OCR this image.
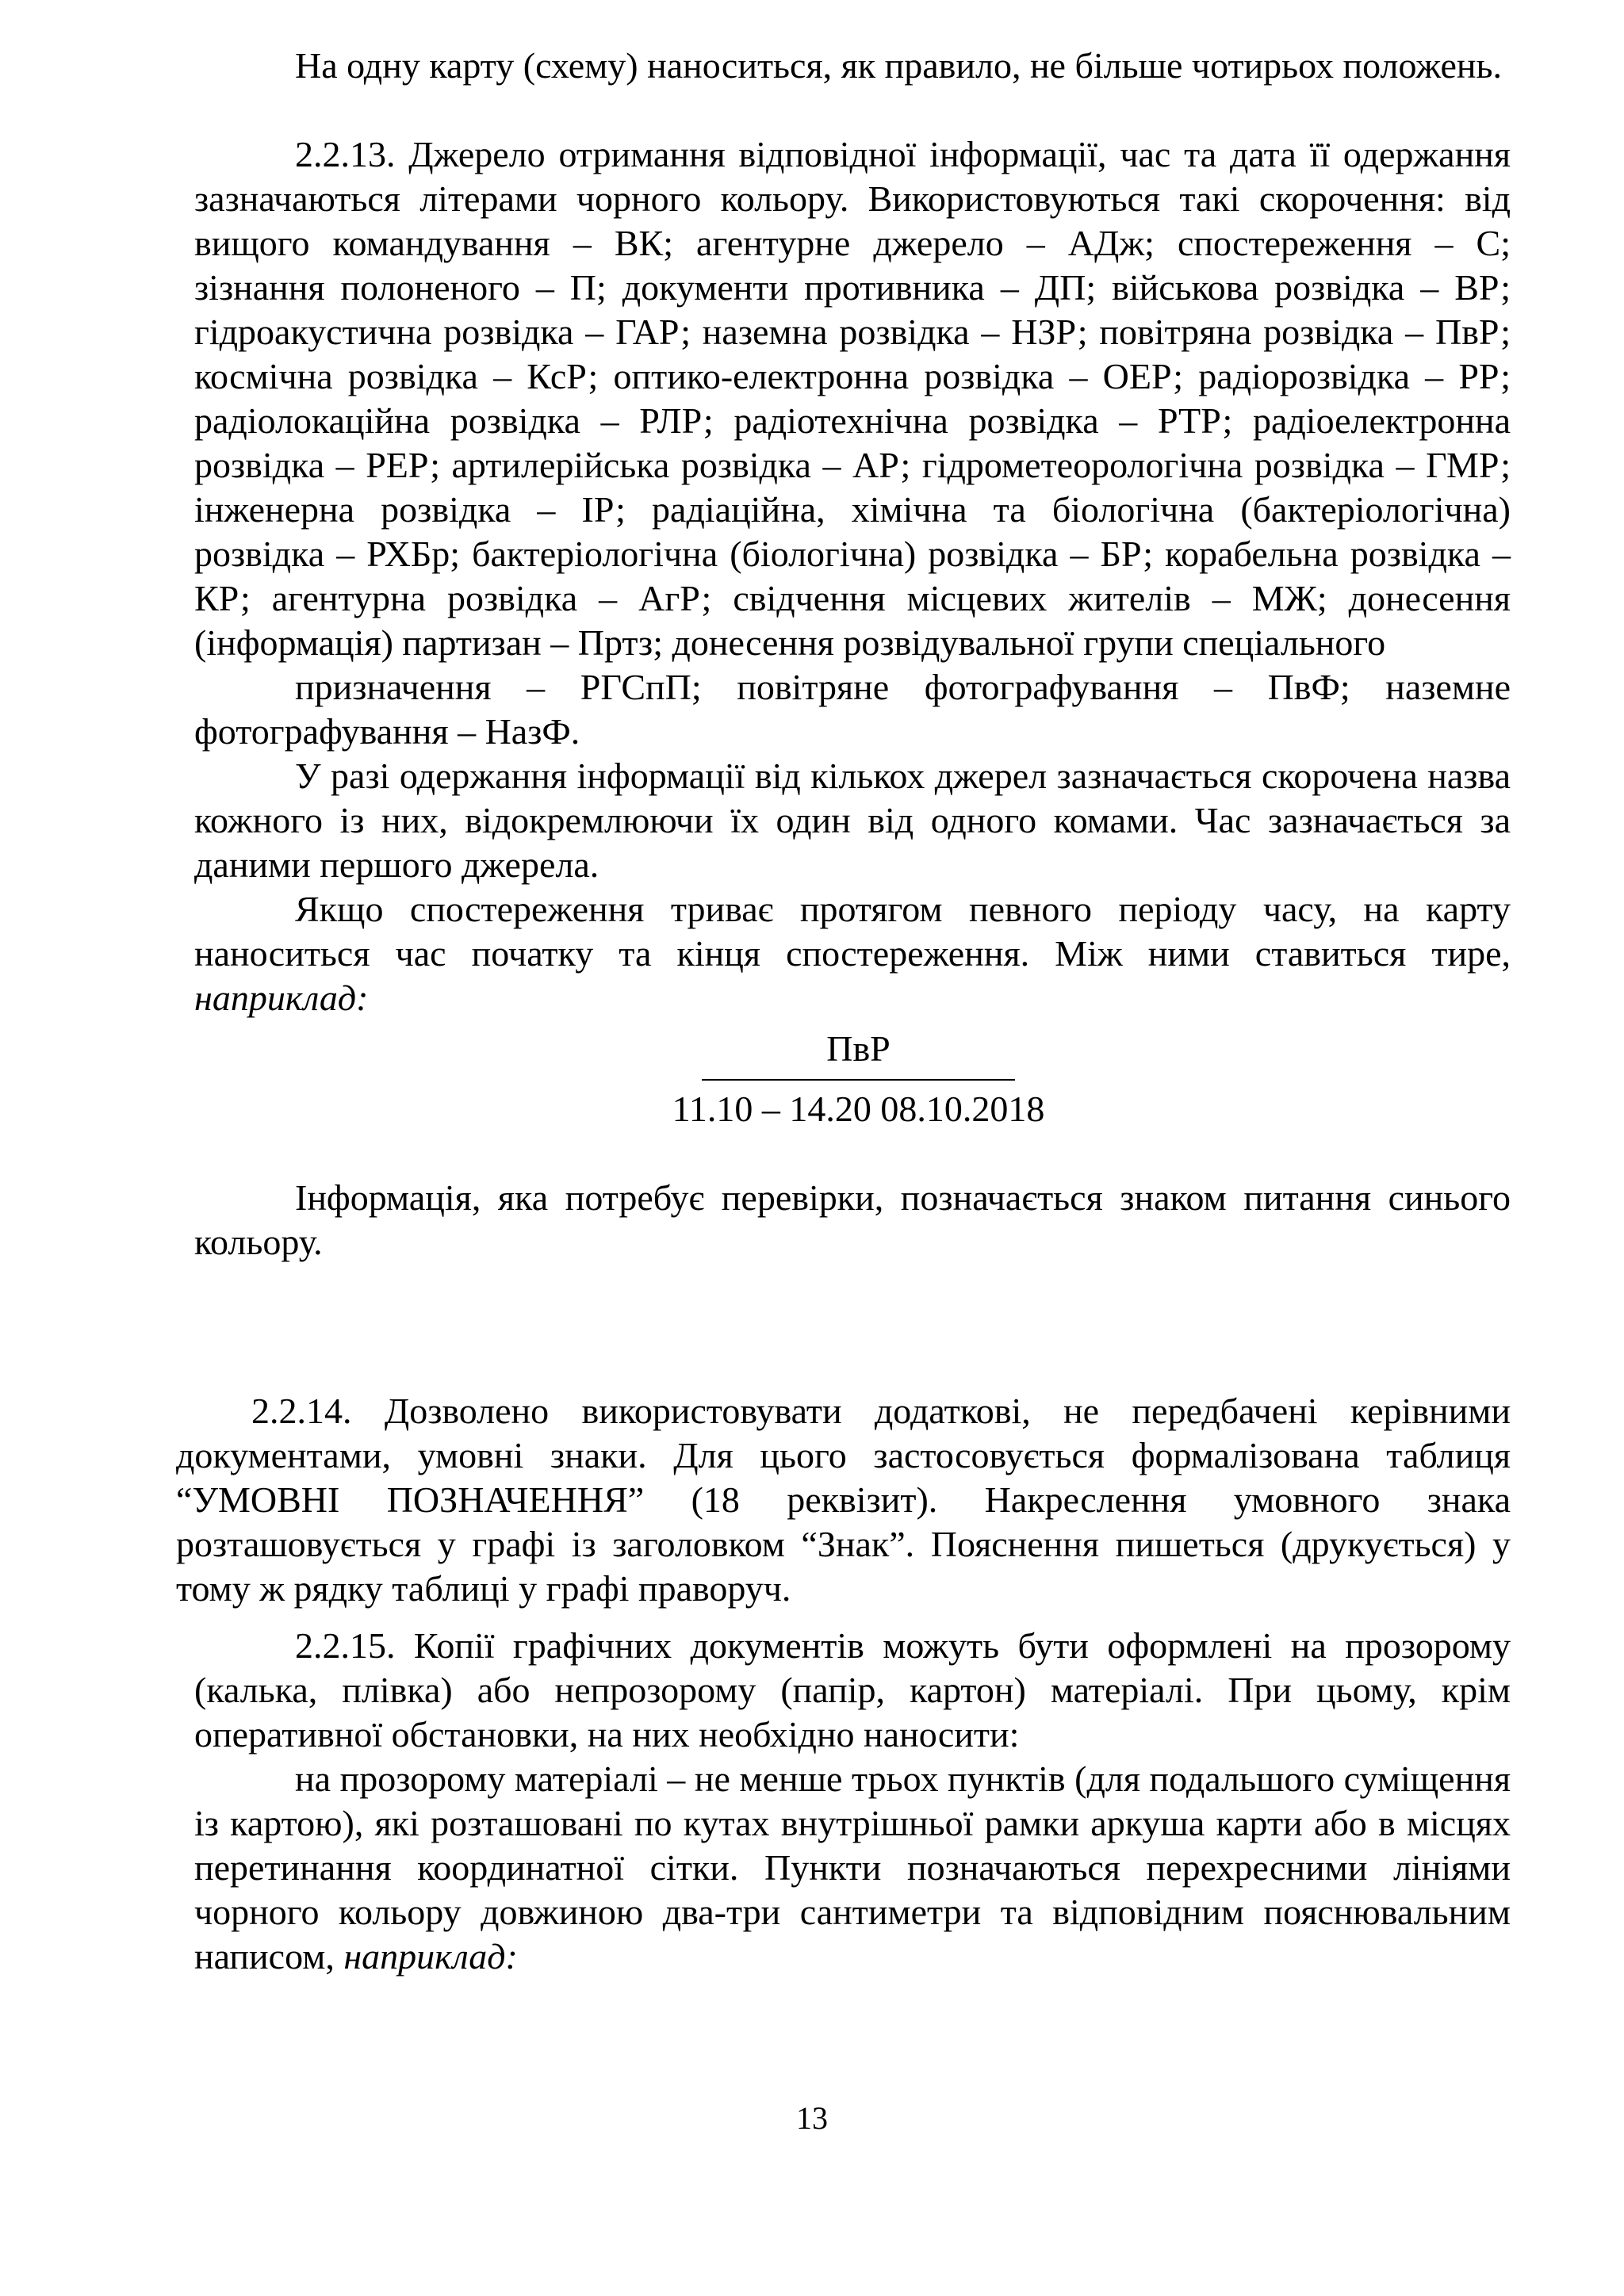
На одну карту (схему) наноситься, як правило, не більше чотирьох положень.

2.2.13. Джерело отримання відповідної інформації, час та дата її одержання зазначаються літерами чорного кольору. Використовуються такі скорочення: від вищого командування – ВК; агентурне джерело – АДж; спостереження – С; зізнання полоненого – П; документи противника – ДП; військова розвідка – ВР; гідроакустична розвідка – ГАР; наземна розвідка – НЗР; повітряна розвідка – ПвР; космічна розвідка – КсР; оптико-електронна розвідка – ОЕР; радіорозвідка – РР; радіолокаційна розвідка – РЛР; радіотехнічна розвідка – РТР; радіоелектронна розвідка – РЕР; артилерійська розвідка – АР; гідрометеорологічна розвідка – ГМР; інженерна розвідка – ІР; радіаційна, хімічна та біологічна (бактеріологічна) розвідка – РХБр; бактеріологічна (біологічна) розвідка – БР; корабельна розвідка – КР; агентурна розвідка – АгР; свідчення місцевих жителів – МЖ; донесення (інформація) партизан – Пртз; донесення розвідувальної групи спеціального

призначення – РГСпП; повітряне фотографування – ПвФ; наземне фотографування – НазФ.

У разі одержання інформації від кількох джерел зазначається скорочена назва кожного із них, відокремлюючи їх один від одного комами. Час зазначається за даними першого джерела.

Якщо спостереження триває протягом певного періоду часу, на карту наноситься час початку та кінця спостереження. Між ними ставиться тире, наприклад:

ПвР
11.10 – 14.20 08.10.2018

Інформація, яка потребує перевірки, позначається знаком питання синього кольору.

2.2.14. Дозволено використовувати додаткові, не передбачені керівними документами, умовні знаки. Для цього застосовується формалізована таблиця “УМОВНІ ПОЗНАЧЕННЯ” (18 реквізит). Накреслення умовного знака розташовується у графі із заголовком “Знак”. Пояснення пишеться (друкується) у тому ж рядку таблиці у графі праворуч.

2.2.15. Копії графічних документів можуть бути оформлені на прозорому (калька, плівка) або непрозорому (папір, картон) матеріалі. При цьому, крім оперативної обстановки, на них необхідно наносити:

на прозорому матеріалі – не менше трьох пунктів (для подальшого суміщення із картою), які розташовані по кутах внутрішньої рамки аркуша карти або в місцях перетинання координатної сітки. Пункти позначаються перехресними лініями чорного кольору довжиною два-три сантиметри та відповідним пояснювальним написом, наприклад:

13
